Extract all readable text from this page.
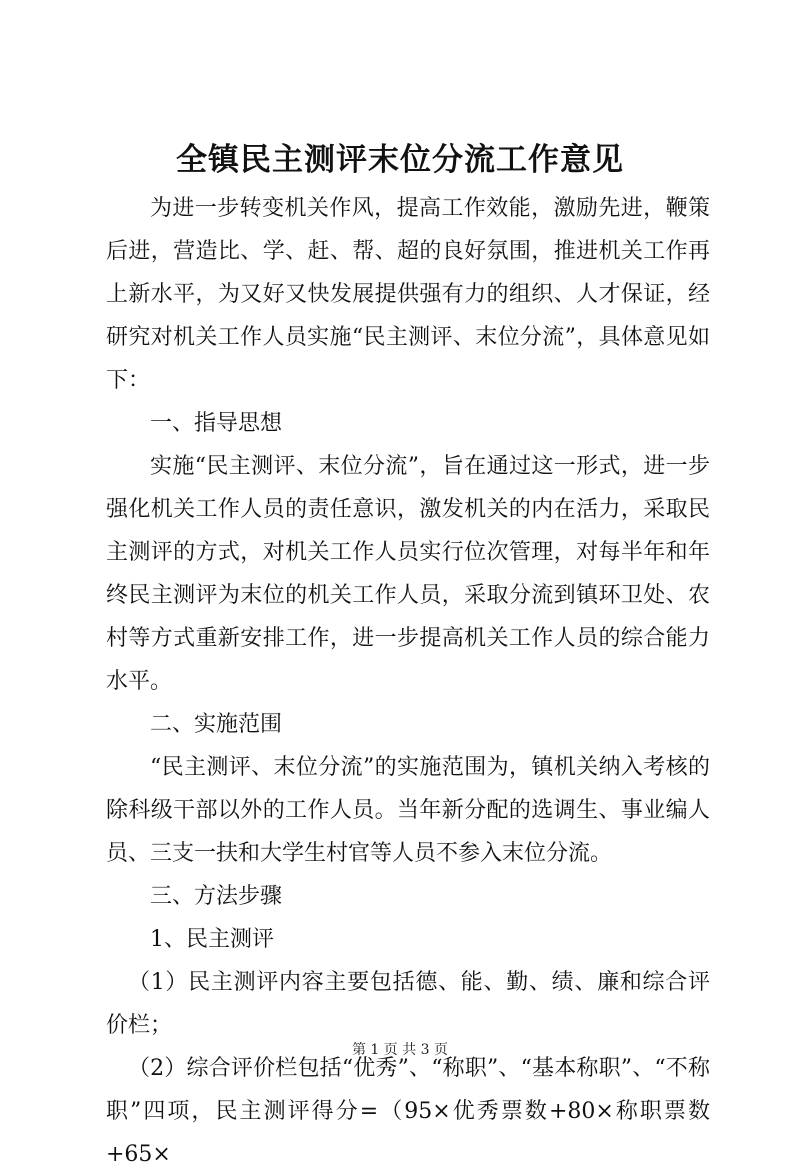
全镇民主测评末位分流工作意见

为进一步转变机关作风，提高工作效能，激励先进，鞭策后进，营造比、学、赶、帮、超的良好氛围，推进机关工作再上新水平，为又好又快发展提供强有力的组织、人才保证，经研究对机关工作人员实施“民主测评、末位分流”，具体意见如下：

一、指导思想

实施“民主测评、末位分流”，旨在通过这一形式，进一步强化机关工作人员的责任意识，激发机关的内在活力，采取民主测评的方式，对机关工作人员实行位次管理，对每半年和年终民主测评为末位的机关工作人员，采取分流到镇环卫处、农村等方式重新安排工作，进一步提高机关工作人员的综合能力水平。

二、实施范围

“民主测评、末位分流”的实施范围为，镇机关纳入考核的除科级干部以外的工作人员。当年新分配的选调生、事业编人员、三支一扶和大学生村官等人员不参入末位分流。

三、方法步骤

1、民主测评

（1）民主测评内容主要包括德、能、勤、绩、廉和综合评价栏；

（2）综合评价栏包括“优秀”、“称职”、“基本称职”、“不称职”四项，民主测评得分=（95×优秀票数+80×称职票数+65×

第 1 页 共 3 页
